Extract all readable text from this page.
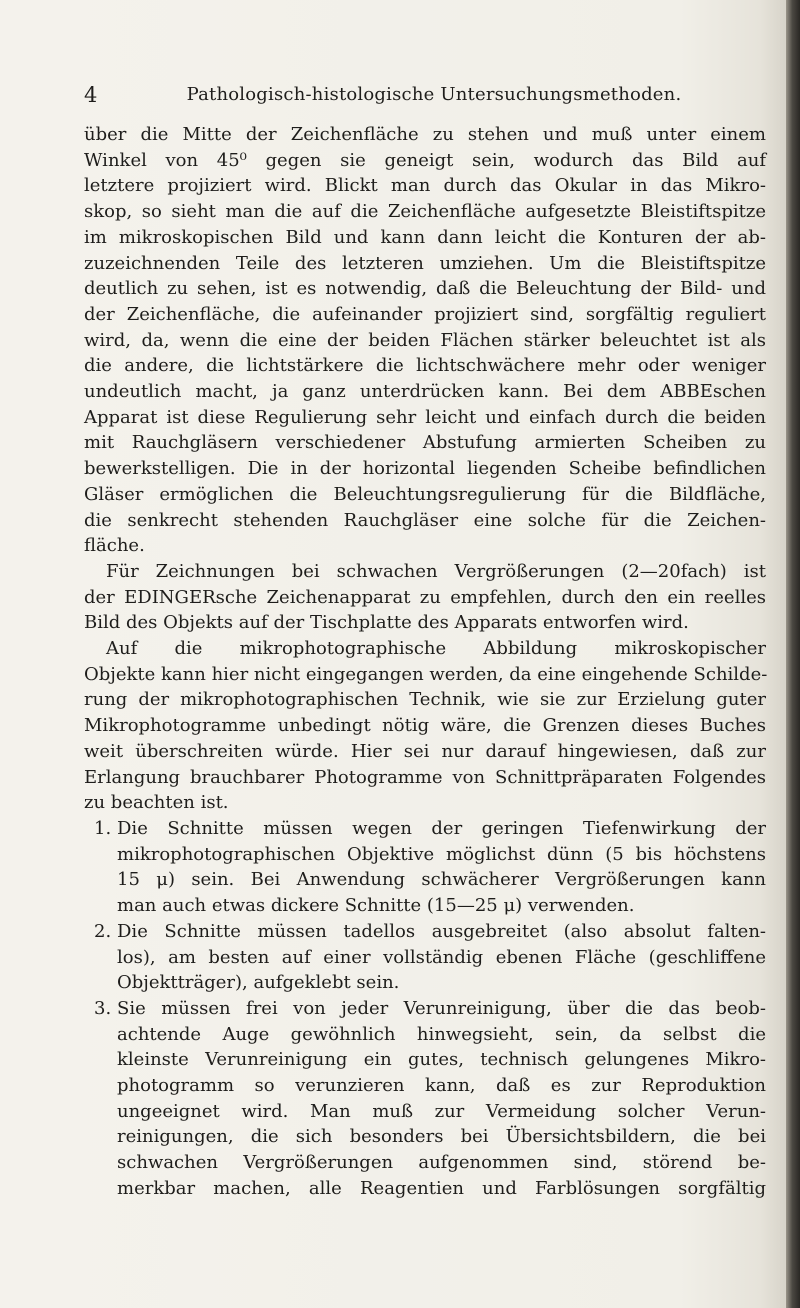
4	Pathologisch-histologische Untersuchungsmethoden.
über die Mitte der Zeichenfläche zu stehen und muß unter einem
Winkel von 45⁰ gegen sie geneigt sein, wodurch das Bild auf
letztere projiziert wird. Blickt man durch das Okular in das Mikro-
skop, so sieht man die auf die Zeichenfläche aufgesetzte Bleistiftspitze
im mikroskopischen Bild und kann dann leicht die Konturen der ab-
zuzeichnenden Teile des letzteren umziehen. Um die Bleistiftspitze
deutlich zu sehen, ist es notwendig, daß die Beleuchtung der Bild- und
der Zeichenfläche, die aufeinander projiziert sind, sorgfältig reguliert
wird, da, wenn die eine der beiden Flächen stärker beleuchtet ist als
die andere, die lichtstärkere die lichtschwächere mehr oder weniger
undeutlich macht, ja ganz unterdrücken kann. Bei dem ABBEschen
Apparat ist diese Regulierung sehr leicht und einfach durch die beiden
mit Rauchgläsern verschiedener Abstufung armierten Scheiben zu
bewerkstelligen. Die in der horizontal liegenden Scheibe befindlichen
Gläser ermöglichen die Beleuchtungsregulierung für die Bildfläche,
die senkrecht stehenden Rauchgläser eine solche für die Zeichen-
fläche.
Für Zeichnungen bei schwachen Vergrößerungen (2—20fach) ist
der EDINGERsche Zeichenapparat zu empfehlen, durch den ein reelles
Bild des Objekts auf der Tischplatte des Apparats entworfen wird.
Auf die mikrophotographische Abbildung mikroskopischer
Objekte kann hier nicht eingegangen werden, da eine eingehende Schilde-
rung der mikrophotographischen Technik, wie sie zur Erzielung guter
Mikrophotogramme unbedingt nötig wäre, die Grenzen dieses Buches
weit überschreiten würde. Hier sei nur darauf hingewiesen, daß zur
Erlangung brauchbarer Photogramme von Schnittpräparaten Folgendes
zu beachten ist.
1. Die Schnitte müssen wegen der geringen Tiefenwirkung der
mikrophotographischen Objektive möglichst dünn (5 bis höchstens
15 μ) sein. Bei Anwendung schwächerer Vergrößerungen kann
man auch etwas dickere Schnitte (15—25 μ) verwenden.
2. Die Schnitte müssen tadellos ausgebreitet (also absolut falten-
los), am besten auf einer vollständig ebenen Fläche (geschliffene
Objektträger), aufgeklebt sein.
3. Sie müssen frei von jeder Verunreinigung, über die das beob-
achtende Auge gewöhnlich hinwegsieht, sein, da selbst die
kleinste Verunreinigung ein gutes, technisch gelungenes Mikro-
photogramm so verunzieren kann, daß es zur Reproduktion
ungeeignet wird. Man muß zur Vermeidung solcher Verun-
reinigungen, die sich besonders bei Übersichtsbildern, die bei
schwachen Vergrößerungen aufgenommen sind, störend be-
merkbar machen, alle Reagentien und Farblösungen sorgfältig
